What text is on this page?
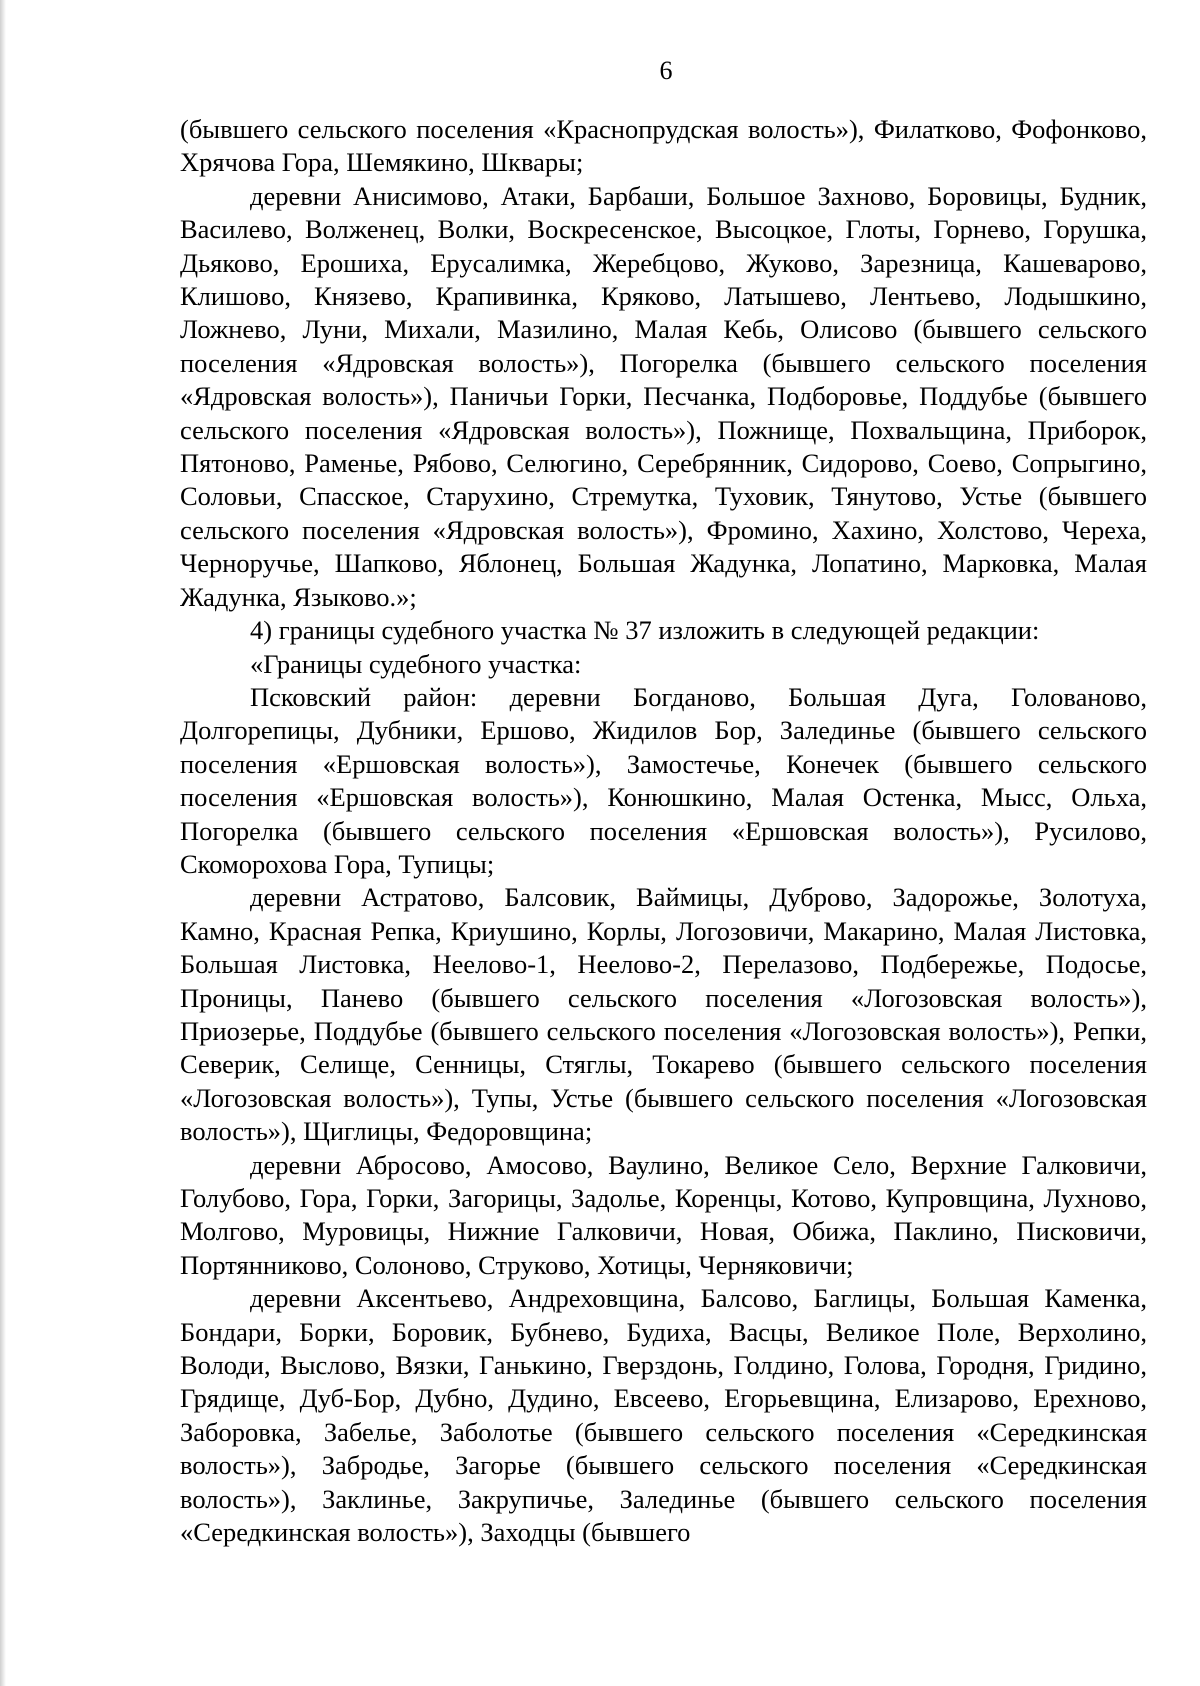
6

(бывшего сельского поселения «Краснопрудская волость»), Филатково, Фофонково, Хрячова Гора, Шемякино, Шквары;

деревни Анисимово, Атаки, Барбаши, Большое Захново, Боровицы, Будник, Василево, Волженец, Волки, Воскресенское, Высоцкое, Глоты, Горнево, Горушка, Дьяково, Ерошиха, Ерусалимка, Жеребцово, Жуково, Зарезница, Кашеварово, Клишово, Князево, Крапивинка, Кряково, Латышево, Лентьево, Лодышкино, Ложнево, Луни, Михали, Мазилино, Малая Кебь, Олисово (бывшего сельского поселения «Ядровская волость»), Погорелка (бывшего сельского поселения «Ядровская волость»), Паничьи Горки, Песчанка, Подборовье, Поддубье (бывшего сельского поселения «Ядровская волость»), Пожнище, Похвальщина, Приборок, Пятоново, Раменье, Рябово, Селюгино, Серебрянник, Сидорово, Соево, Сопрыгино, Соловьи, Спасское, Старухино, Стремутка, Туховик, Тянутово, Устье (бывшего сельского поселения «Ядровская волость»), Фромино, Хахино, Холстово, Череха, Черноручье, Шапково, Яблонец, Большая Жадунка, Лопатино, Марковка, Малая Жадунка, Языково.»;

4) границы судебного участка № 37 изложить в следующей редакции:

«Границы судебного участка:

Псковский район: деревни Богданово, Большая Дуга, Голованово, Долгорепицы, Дубники, Ершово, Жидилов Бор, Залединье (бывшего сельского поселения «Ершовская волость»), Замостечье, Конечек (бывшего сельского поселения «Ершовская волость»), Конюшкино, Малая Остенка, Мысс, Ольха, Погорелка (бывшего сельского поселения «Ершовская волость»), Русилово, Скоморохова Гора, Тупицы;

деревни Астратово, Балсовик, Ваймицы, Дуброво, Задорожье, Золотуха, Камно, Красная Репка, Криушино, Корлы, Логозовичи, Макарино, Малая Листовка, Большая Листовка, Неелово-1, Неелово-2, Перелазово, Подбережье, Подосье, Проницы, Панево (бывшего сельского поселения «Логозовская волость»), Приозерье, Поддубье (бывшего сельского поселения «Логозовская волость»), Репки, Северик, Селище, Сенницы, Стяглы, Токарево (бывшего сельского поселения «Логозовская волость»), Тупы, Устье (бывшего сельского поселения «Логозовская волость»), Щиглицы, Федоровщина;

деревни Абросово, Амосово, Ваулино, Великое Село, Верхние Галковичи, Голубово, Гора, Горки, Загорицы, Задолье, Коренцы, Котово, Купровщина, Лухново, Молгово, Муровицы, Нижние Галковичи, Новая, Обижа, Паклино, Писковичи, Портянниково, Солоново, Струково, Хотицы, Черняковичи;

деревни Аксентьево, Андреховщина, Балсово, Баглицы, Большая Каменка, Бондари, Борки, Боровик, Бубнево, Будиха, Васцы, Великое Поле, Верхолино, Володи, Выслово, Вязки, Ганькино, Гверздонь, Голдино, Голова, Городня, Гридино, Грядище, Дуб-Бор, Дубно, Дудино, Евсеево, Егорьевщина, Елизарово, Ерехново, Заборовка, Забелье, Заболотье (бывшего сельского поселения «Середкинская волость»), Забродье, Загорье (бывшего сельского поселения «Середкинская волость»), Заклинье, Закрупичье, Залединье (бывшего сельского поселения «Середкинская волость»), Заходцы (бывшего
